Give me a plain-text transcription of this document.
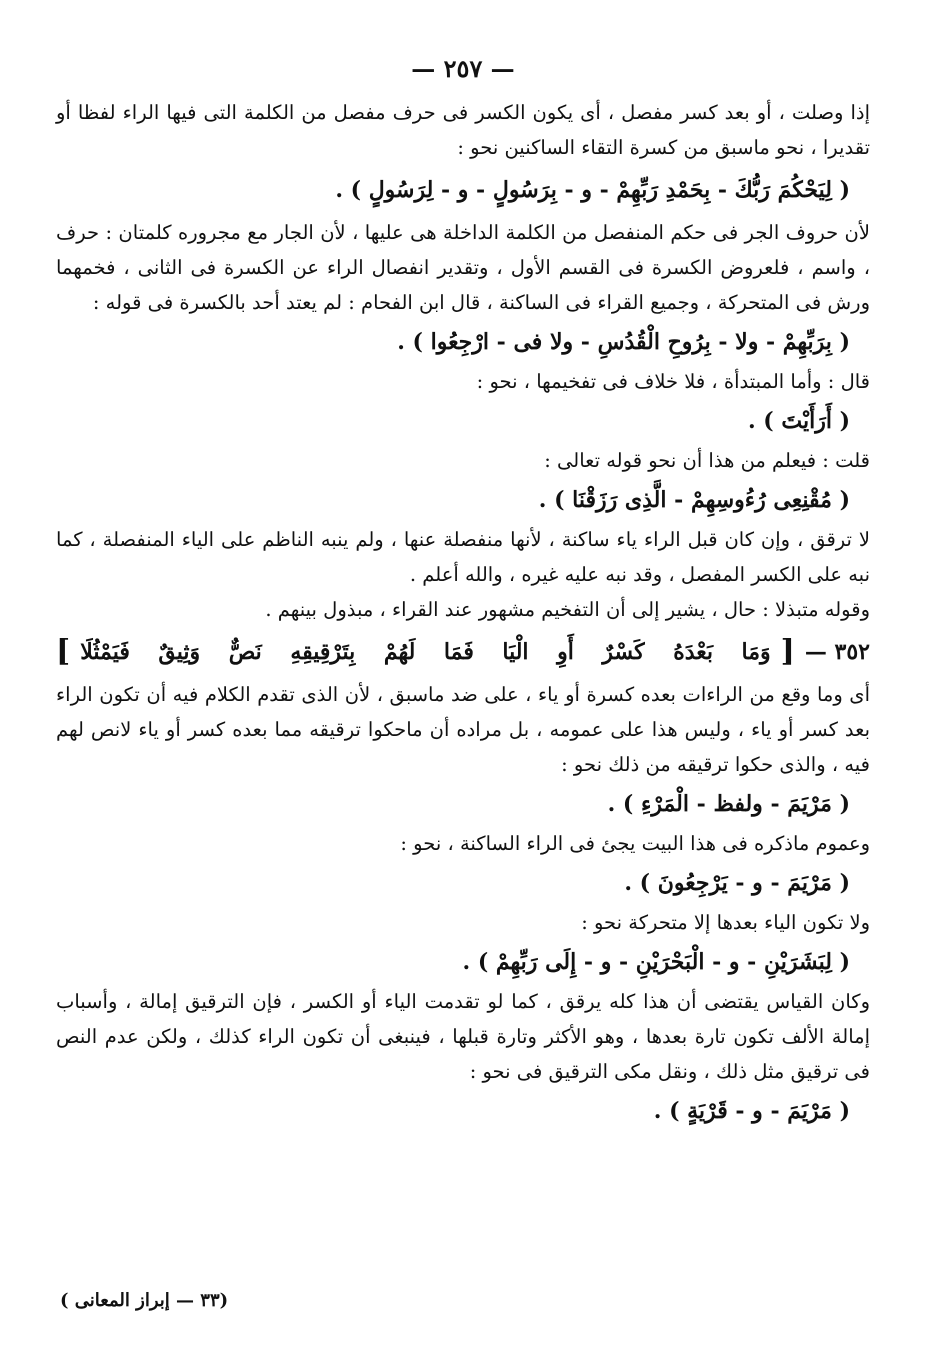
— ٢٥٧ —

إذا وصلت ، أو بعد كسر مفصل ، أى يكون الكسر فى حرف مفصل من الكلمة التى فيها الراء لفظا أو تقديرا ، نحو ماسبق من كسرة التقاء الساكنين نحو :

( لِيَحْكُمَ رَبُّكَ - بِحَمْدِ رَبِّهِمْ - و - بِرَسُولٍ - و - لِرَسُولٍ ) .

لأن حروف الجر فى حكم المنفصل من الكلمة الداخلة هى عليها ، لأن الجار مع مجروره كلمتان : حرف ، واسم ، فلعروض الكسرة فى القسم الأول ، وتقدير انفصال الراء عن الكسرة فى الثانى ، فخمهما ورش فى المتحركة ، وجميع القراء فى الساكنة ، قال ابن الفحام : لم يعتد أحد بالكسرة فى قوله :

( بِرَبِّهِمْ - ولا - بِرُوحِ الْقُدُسِ - ولا فى - ارْجِعُوا ) .

قال : وأما المبتدأة ، فلا خلاف فى تفخيمها ، نحو :

( أَرَأَيْتَ ) .

قلت : فيعلم من هذا أن نحو قوله تعالى :

( مُقْنِعِى رُءُوسِهِمْ - الَّذِى رَزَقْنَا ) .

لا ترقق ، وإن كان قبل الراء ياء ساكنة ، لأنها منفصلة عنها ، ولم ينبه الناظم على الياء المنفصلة ، كما نبه على الكسر المفصل ، وقد نبه عليه غيره ، والله أعلم .

وقوله متبذلا : حال ، يشير إلى أن التفخيم مشهور عند القراء ، مبذول بينهم .

٣٥٢ —
[
وَمَا بَعْدَهُ كَسْرٌ أَوِ الْيَا فَمَا لَهُمْ بِتَرْقِيقِهِ نَصٌّ وَثِيقٌ فَيَمْثُلَا
]

أى وما وقع من الراءات بعده كسرة أو ياء ، على ضد ماسبق ، لأن الذى تقدم الكلام فيه أن تكون الراء بعد كسر أو ياء ، وليس هذا على عمومه ، بل مراده أن ماحكوا ترقيقه مما بعده كسر أو ياء لانص لهم فيه ، والذى حكوا ترقيقه من ذلك نحو :

( مَرْيَمَ - ولفظ - الْمَرْءِ ) .

وعموم ماذكره فى هذا البيت يجئ فى الراء الساكنة ، نحو :

( مَرْيَمَ - و - يَرْجِعُونَ ) .

ولا تكون الياء بعدها إلا متحركة نحو :

( لِبَشَرَيْنِ - و - الْبَحْرَيْنِ - و - إِلَى رَبِّهِمْ ) .

وكان القياس يقتضى أن هذا كله يرقق ، كما لو تقدمت الياء أو الكسر ، فإن الترقيق إمالة ، وأسباب إمالة الألف تكون تارة بعدها ، وهو الأكثر وتارة قبلها ، فينبغى أن تكون الراء كذلك ، ولكن عدم النص فى ترقيق مثل ذلك ، ونقل مكى الترقيق فى نحو :

( مَرْيَمَ - و - قَرْيَةٍ ) .

(٣٣ — إبراز المعانى )
